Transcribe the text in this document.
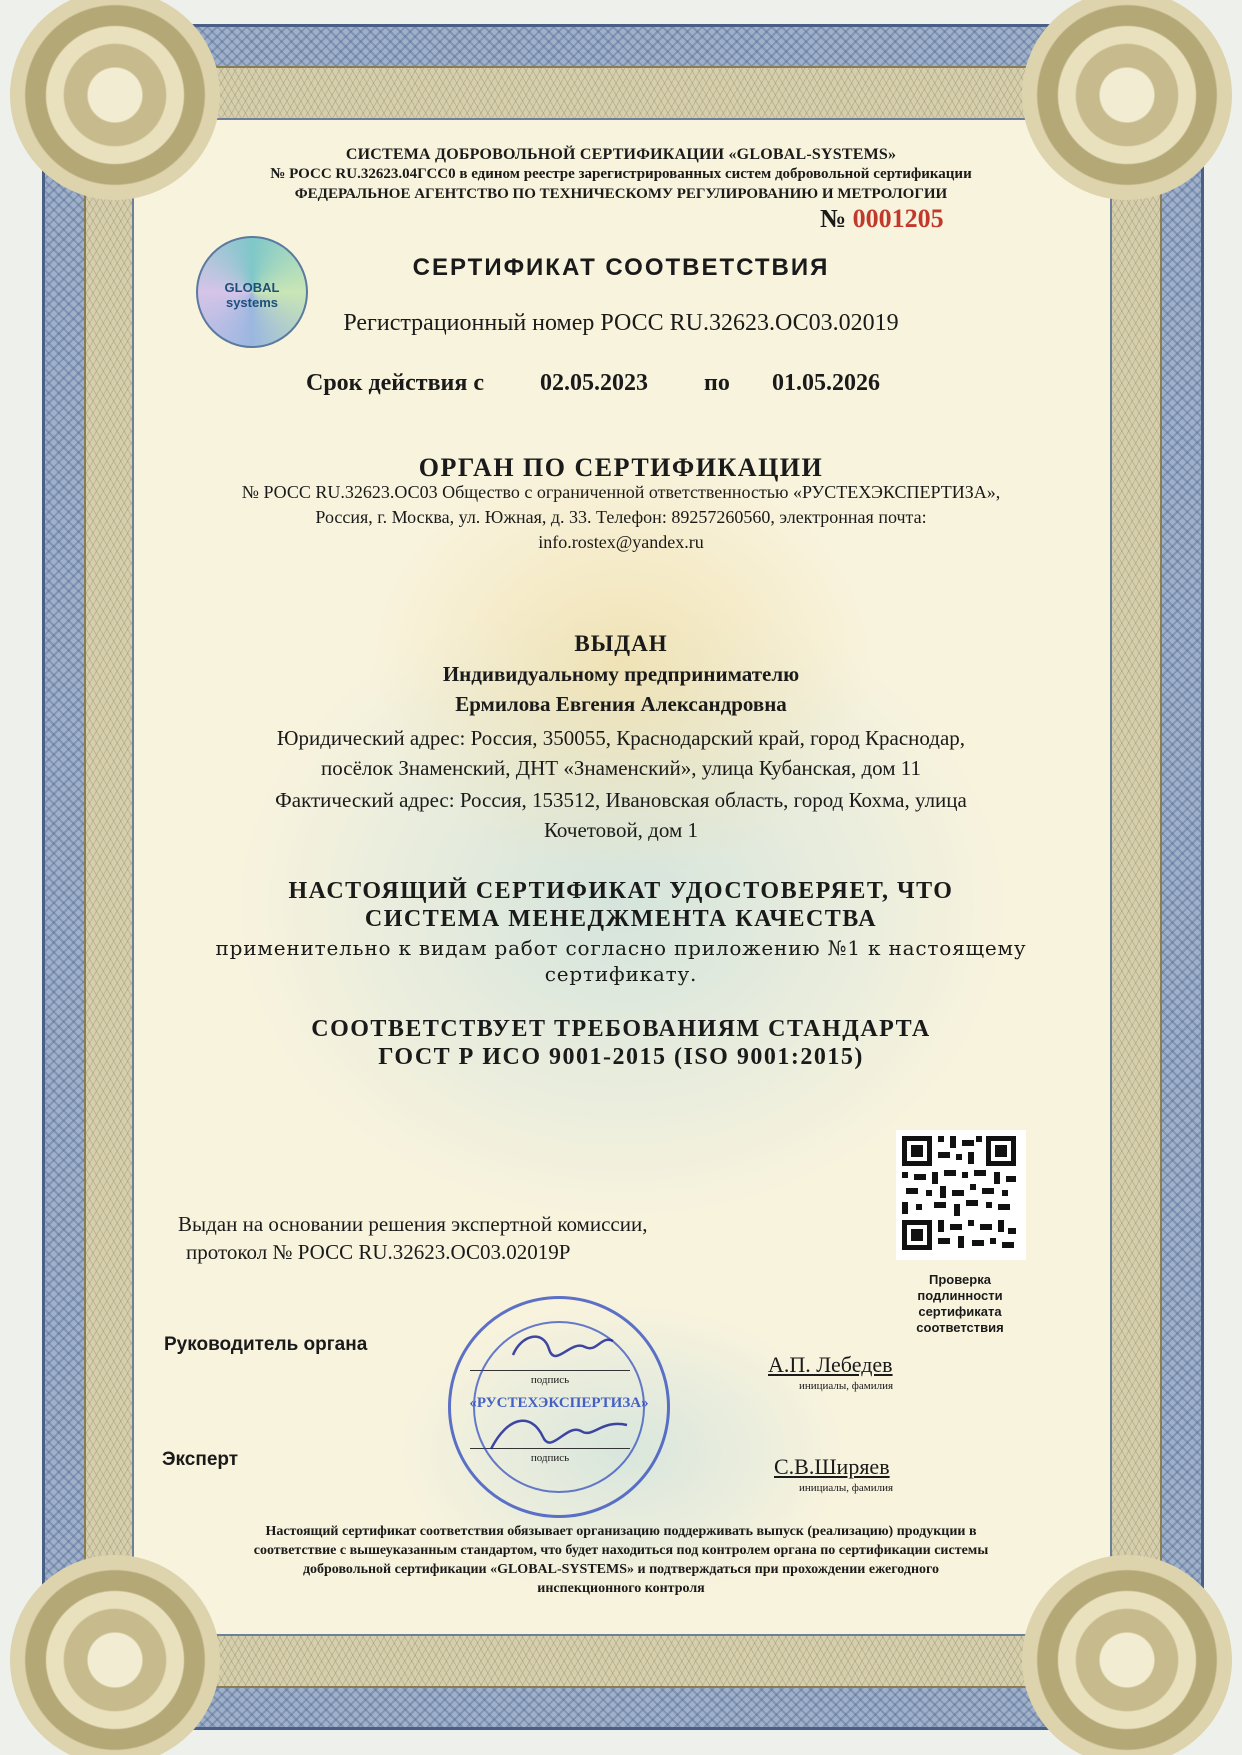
СИСТЕМА ДОБРОВОЛЬНОЙ СЕРТИФИКАЦИИ «GLOBAL-SYSTEMS»
№ РОСС RU.32623.04ГСС0 в едином реестре зарегистрированных систем добровольной сертификации
ФЕДЕРАЛЬНОЕ АГЕНТСТВО ПО ТЕХНИЧЕСКОМУ РЕГУЛИРОВАНИЮ И МЕТРОЛОГИИ
№ 0001205
GLOBAL systems
СЕРТИФИКАТ СООТВЕТСТВИЯ
Регистрационный номер РОСС RU.32623.ОС03.02019
Срок действия с 02.05.2023 по 01.05.2026
ОРГАН ПО СЕРТИФИКАЦИИ
№ РОСС RU.32623.ОС03 Общество с ограниченной ответственностью «РУСТЕХЭКСПЕРТИЗА»,
Россия, г. Москва, ул. Южная, д. 33. Телефон: 89257260560, электронная почта:
info.rostex@yandex.ru
ВЫДАН
Индивидуальному предпринимателю
Ермилова Евгения Александровна
Юридический адрес: Россия, 350055, Краснодарский край, город Краснодар,
посёлок Знаменский, ДНТ «Знаменский», улица Кубанская, дом 11
Фактический адрес: Россия, 153512, Ивановская область, город Кохма, улица
Кочетовой, дом 1
НАСТОЯЩИЙ СЕРТИФИКАТ УДОСТОВЕРЯЕТ, ЧТО
СИСТЕМА МЕНЕДЖМЕНТА КАЧЕСТВА
применительно к видам работ согласно приложению №1 к настоящему
сертификату.
СООТВЕТСТВУЕТ ТРЕБОВАНИЯМ СТАНДАРТА
ГОСТ Р ИСО 9001-2015 (ISO 9001:2015)
Проверка
подлинности
сертификата
соответствия
Выдан на основании решения экспертной комиссии,
протокол № РОСС RU.32623.ОС03.02019Р
Руководитель органа
Эксперт
подпись
подпись
«РУСТЕХЭКСПЕРТИЗА»
А.П. Лебедев
инициалы, фамилия
С.В.Ширяев
инициалы, фамилия
Настоящий сертификат соответствия обязывает организацию поддерживать выпуск (реализацию) продукции в
соответствие с вышеуказанным стандартом, что будет находиться под контролем органа по сертификации системы
добровольной сертификации «GLOBAL-SYSTEMS» и подтверждаться при прохождении ежегодного
инспекционного контроля
